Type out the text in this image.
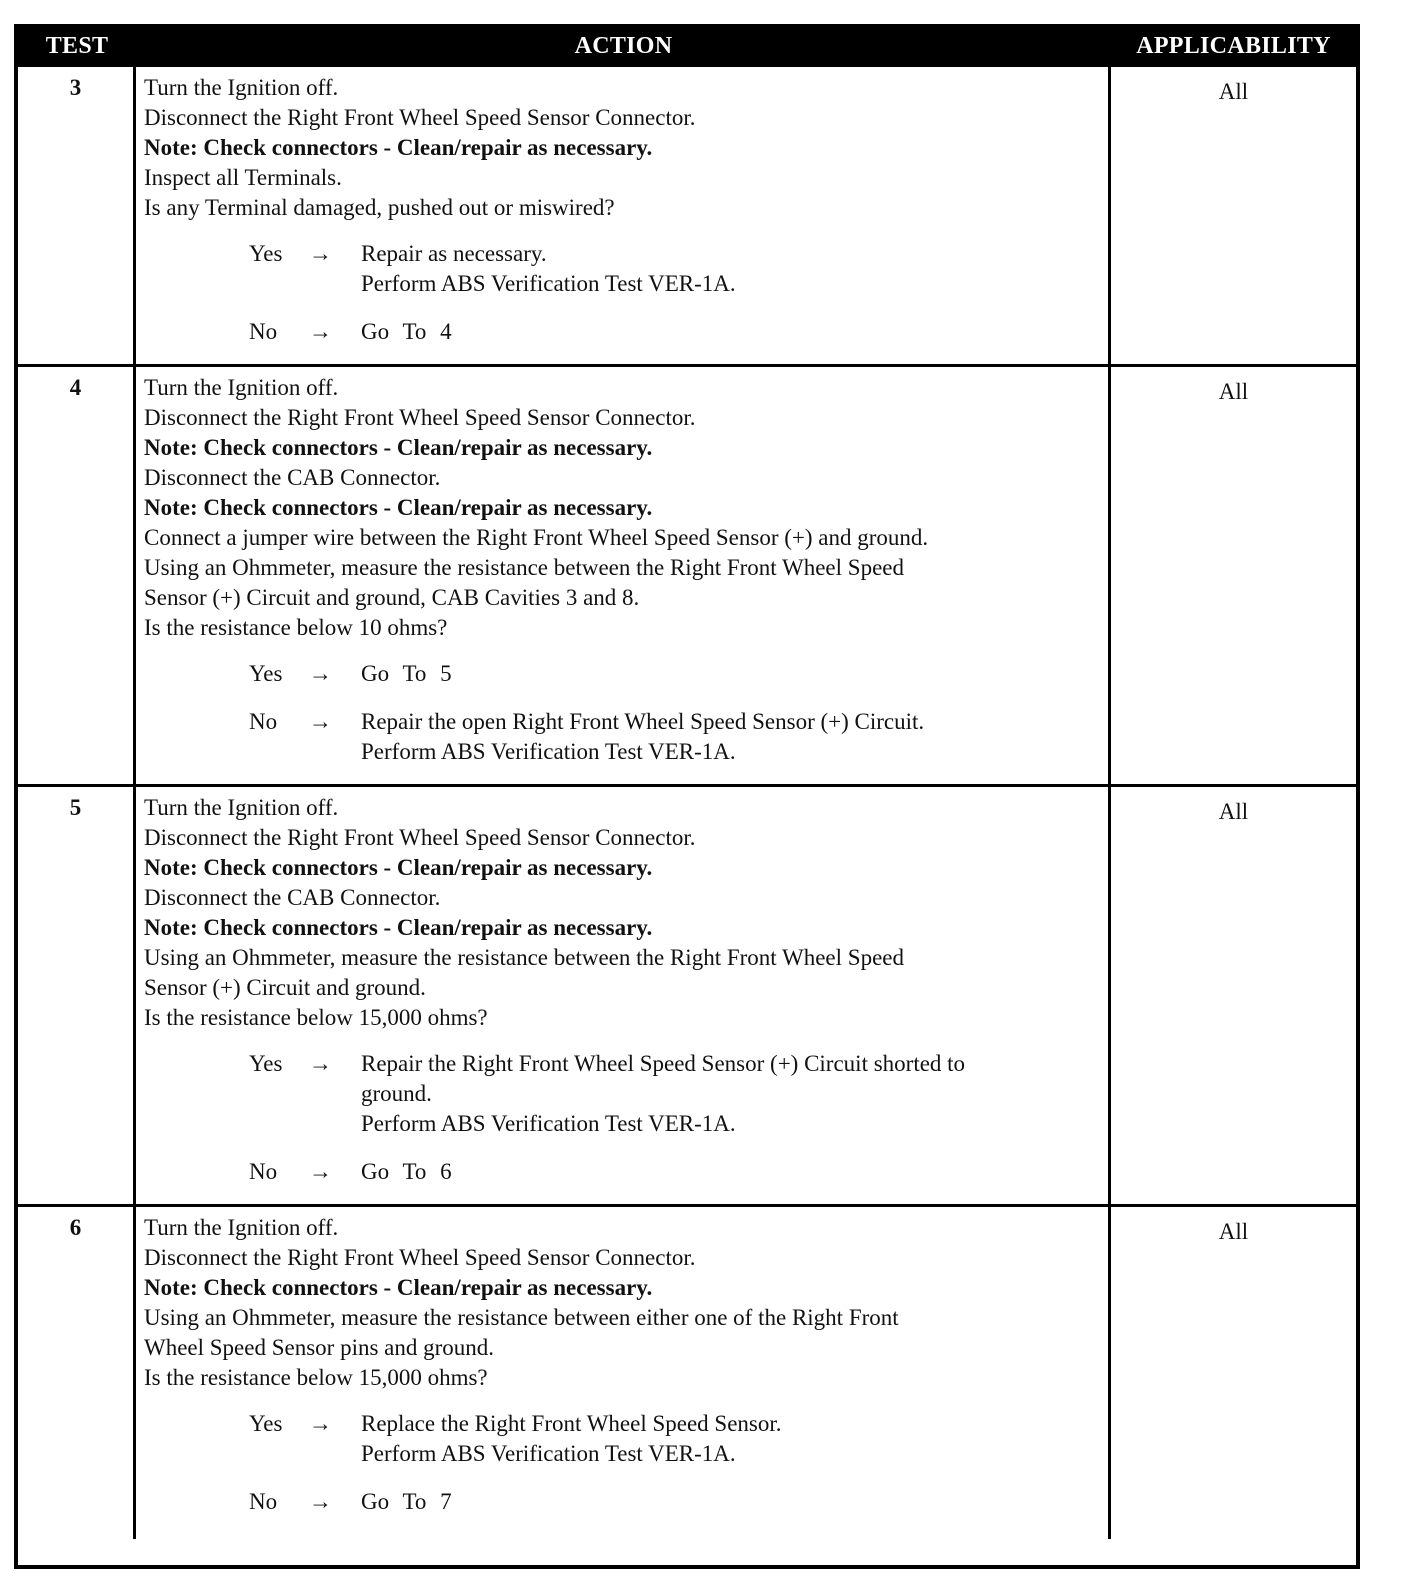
TEST	ACTION	APPLICABILITY
3	Turn the Ignition off.
Disconnect the Right Front Wheel Speed Sensor Connector.
Note: Check connectors - Clean/repair as necessary.
Inspect all Terminals.
Is any Terminal damaged, pushed out or miswired?
Yes	→	Repair as necessary.
Perform ABS Verification Test VER-1A.
No	→	Go To 4
All
4	Turn the Ignition off.
Disconnect the Right Front Wheel Speed Sensor Connector.
Note: Check connectors - Clean/repair as necessary.
Disconnect the CAB Connector.
Note: Check connectors - Clean/repair as necessary.
Connect a jumper wire between the Right Front Wheel Speed Sensor (+) and ground.
Using an Ohmmeter, measure the resistance between the Right Front Wheel Speed
Sensor (+) Circuit and ground, CAB Cavities 3 and 8.
Is the resistance below 10 ohms?
Yes	→	Go To 5
No	→	Repair the open Right Front Wheel Speed Sensor (+) Circuit.
Perform ABS Verification Test VER-1A.
All
5	Turn the Ignition off.
Disconnect the Right Front Wheel Speed Sensor Connector.
Note: Check connectors - Clean/repair as necessary.
Disconnect the CAB Connector.
Note: Check connectors - Clean/repair as necessary.
Using an Ohmmeter, measure the resistance between the Right Front Wheel Speed
Sensor (+) Circuit and ground.
Is the resistance below 15,000 ohms?
Yes	→	Repair the Right Front Wheel Speed Sensor (+) Circuit shorted to
ground.
Perform ABS Verification Test VER-1A.
No	→	Go To 6
All
6	Turn the Ignition off.
Disconnect the Right Front Wheel Speed Sensor Connector.
Note: Check connectors - Clean/repair as necessary.
Using an Ohmmeter, measure the resistance between either one of the Right Front
Wheel Speed Sensor pins and ground.
Is the resistance below 15,000 ohms?
Yes	→	Replace the Right Front Wheel Speed Sensor.
Perform ABS Verification Test VER-1A.
No	→	Go To 7
All
